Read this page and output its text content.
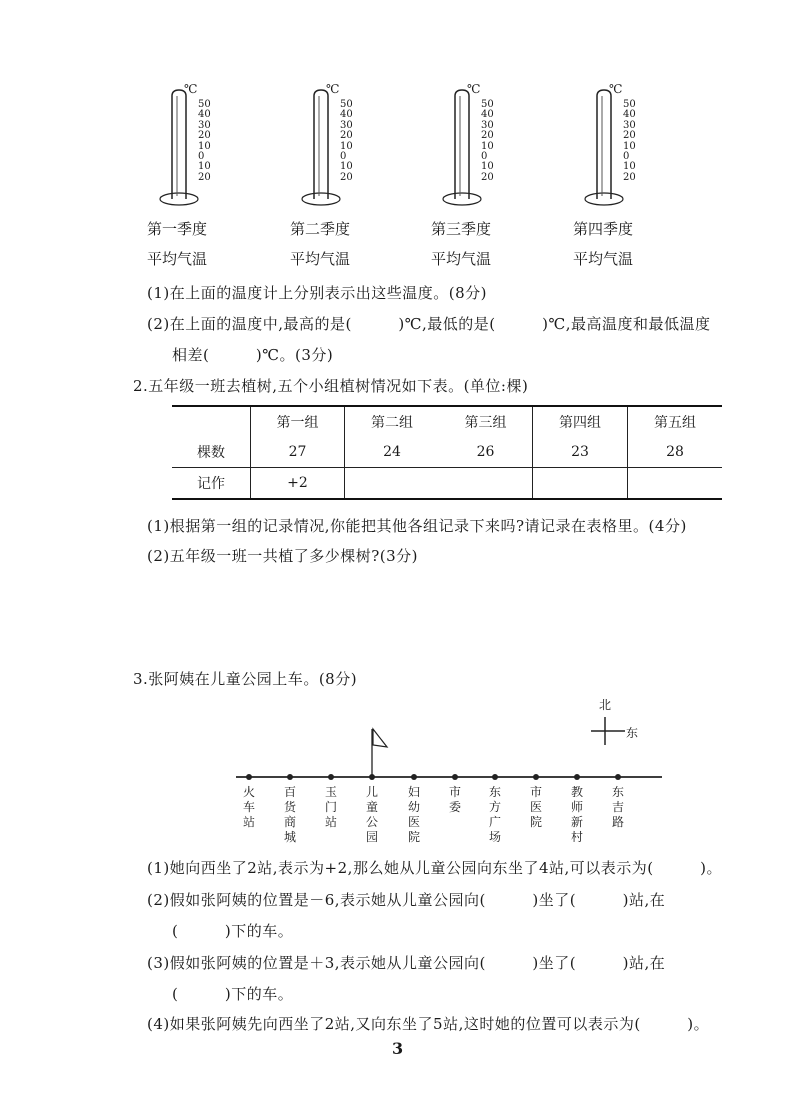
℃
50
40
30
20
10
0
10
20
℃
50
40
30
20
10
0
10
20
℃
50
40
30
20
10
0
10
20
℃
50
40
30
20
10
0
10
20
第一季度
平均气温
第二季度
平均气温
第三季度
平均气温
第四季度
平均气温
(1)在上面的温度计上分别表示出这些温度。(8分)
(2)在上面的温度中,最高的是(　　　)℃,最低的是(　　　)℃,最高温度和最低温度
相差(　　　)℃。(3分)
2.五年级一班去植树,五个小组植树情况如下表。(单位:棵)
	第一组	第二组	第三组	第四组	第五组
棵数	27	24	26	23	28
记作	+2				
(1)根据第一组的记录情况,你能把其他各组记录下来吗?请记录在表格里。(4分)
(2)五年级一班一共植了多少棵树?(3分)
3.张阿姨在儿童公园上车。(8分)
北
东
火车站
百货商城
玉门站
儿童公园
妇幼医院
市委
东方广场
市医院
教师新村
东吉路
(1)她向西坐了2站,表示为+2,那么她从儿童公园向东坐了4站,可以表示为(　　　)。
(2)假如张阿姨的位置是－6,表示她从儿童公园向(　　　)坐了(　　　)站,在
(　　　)下的车。
(3)假如张阿姨的位置是＋3,表示她从儿童公园向(　　　)坐了(　　　)站,在
(　　　)下的车。
(4)如果张阿姨先向西坐了2站,又向东坐了5站,这时她的位置可以表示为(　　　)。
3
